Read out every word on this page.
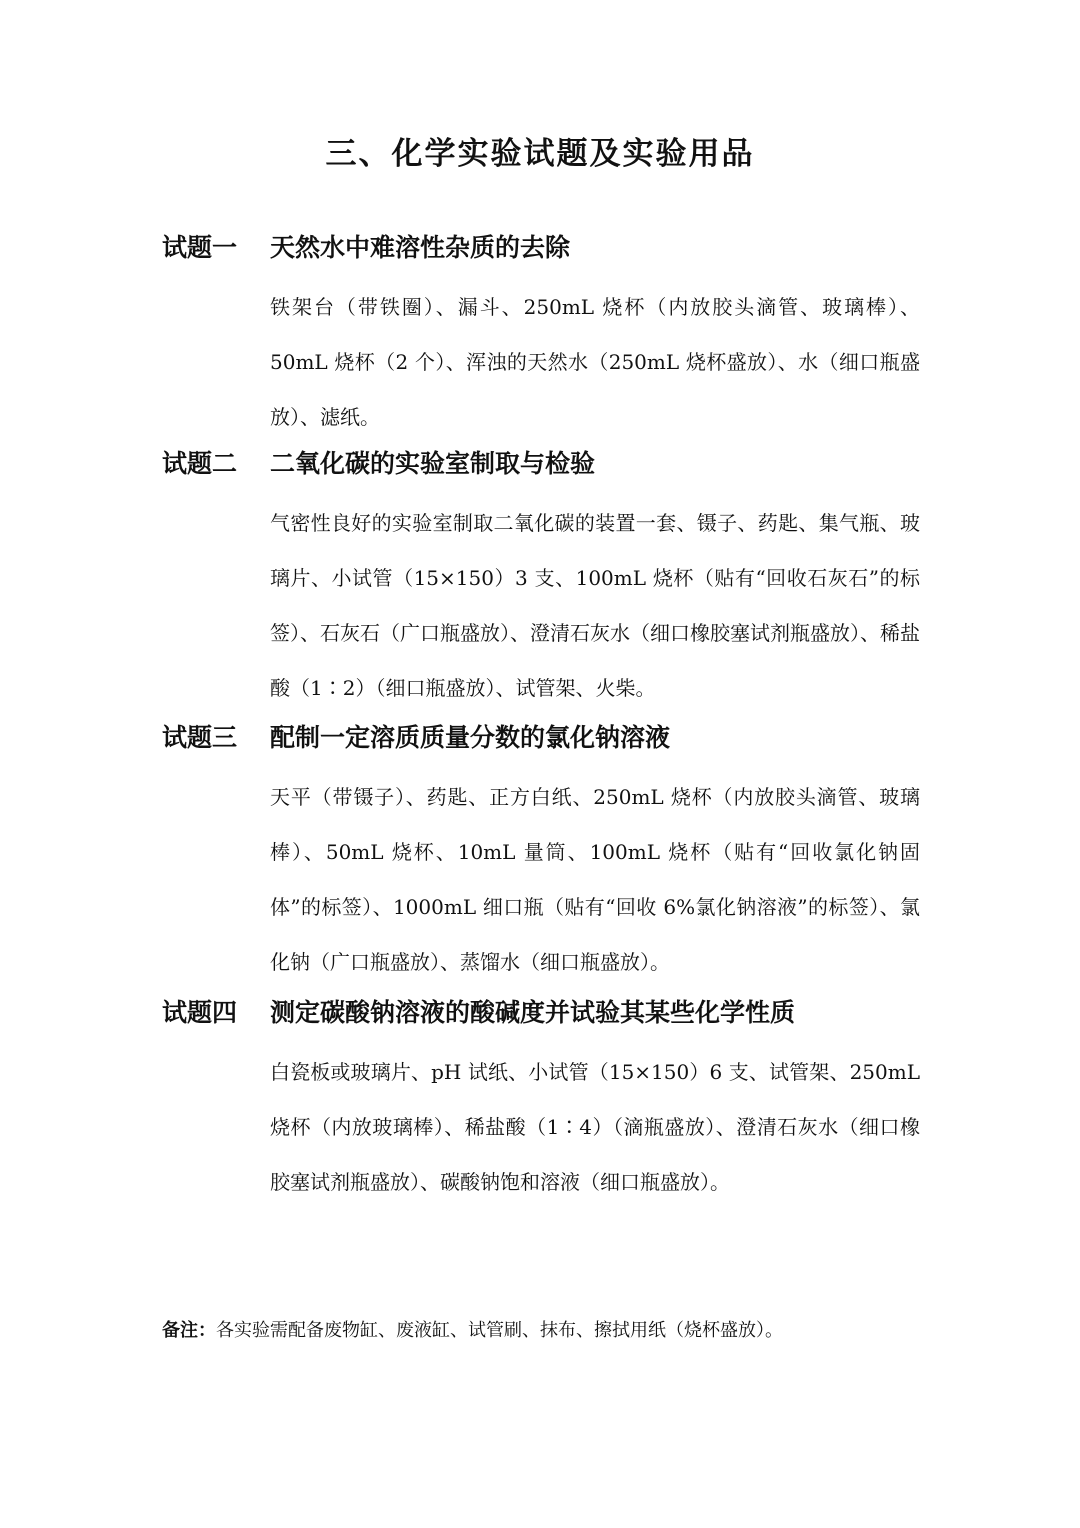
三、化学实验试题及实验用品
试题一	天然水中难溶性杂质的去除
铁架台（带铁圈）、漏斗、250mL 烧杯（内放胶头滴管、玻璃棒）、50mL 烧杯（2 个）、浑浊的天然水（250mL 烧杯盛放）、水（细口瓶盛放）、滤纸。
试题二	二氧化碳的实验室制取与检验
气密性良好的实验室制取二氧化碳的装置一套、镊子、药匙、集气瓶、玻璃片、小试管（15×150）3 支、100mL 烧杯（贴有“回收石灰石”的标签）、石灰石（广口瓶盛放）、澄清石灰水（细口橡胶塞试剂瓶盛放）、稀盐酸（1∶2）（细口瓶盛放）、试管架、火柴。
试题三	配制一定溶质质量分数的氯化钠溶液
天平（带镊子）、药匙、正方白纸、250mL 烧杯（内放胶头滴管、玻璃棒）、50mL 烧杯、10mL 量筒、100mL 烧杯（贴有“回收氯化钠固体”的标签）、1000mL 细口瓶（贴有“回收 6%氯化钠溶液”的标签）、氯化钠（广口瓶盛放）、蒸馏水（细口瓶盛放）。
试题四	测定碳酸钠溶液的酸碱度并试验其某些化学性质
白瓷板或玻璃片、pH 试纸、小试管（15×150）6 支、试管架、250mL 烧杯（内放玻璃棒）、稀盐酸（1∶4）（滴瓶盛放）、澄清石灰水（细口橡胶塞试剂瓶盛放）、碳酸钠饱和溶液（细口瓶盛放）。
备注：各实验需配备废物缸、废液缸、试管刷、抹布、擦拭用纸（烧杯盛放）。
